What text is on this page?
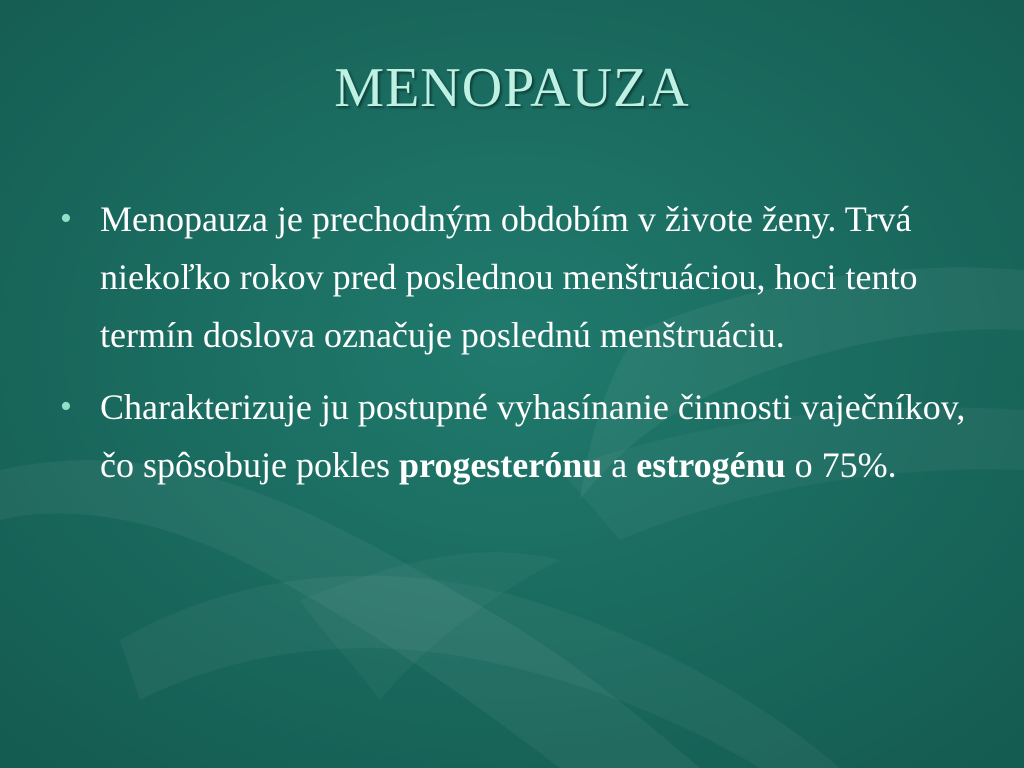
MENOPAUZA
• Menopauza je prechodným obdobím v živote ženy. Trvá niekoľko rokov pred poslednou menštruáciou, hoci tento termín doslova označuje poslednú menštruáciu.
• Charakterizuje ju postupné vyhasínanie činnosti vaječníkov, čo spôsobuje pokles progesterónu a estrogénu o 75%.
